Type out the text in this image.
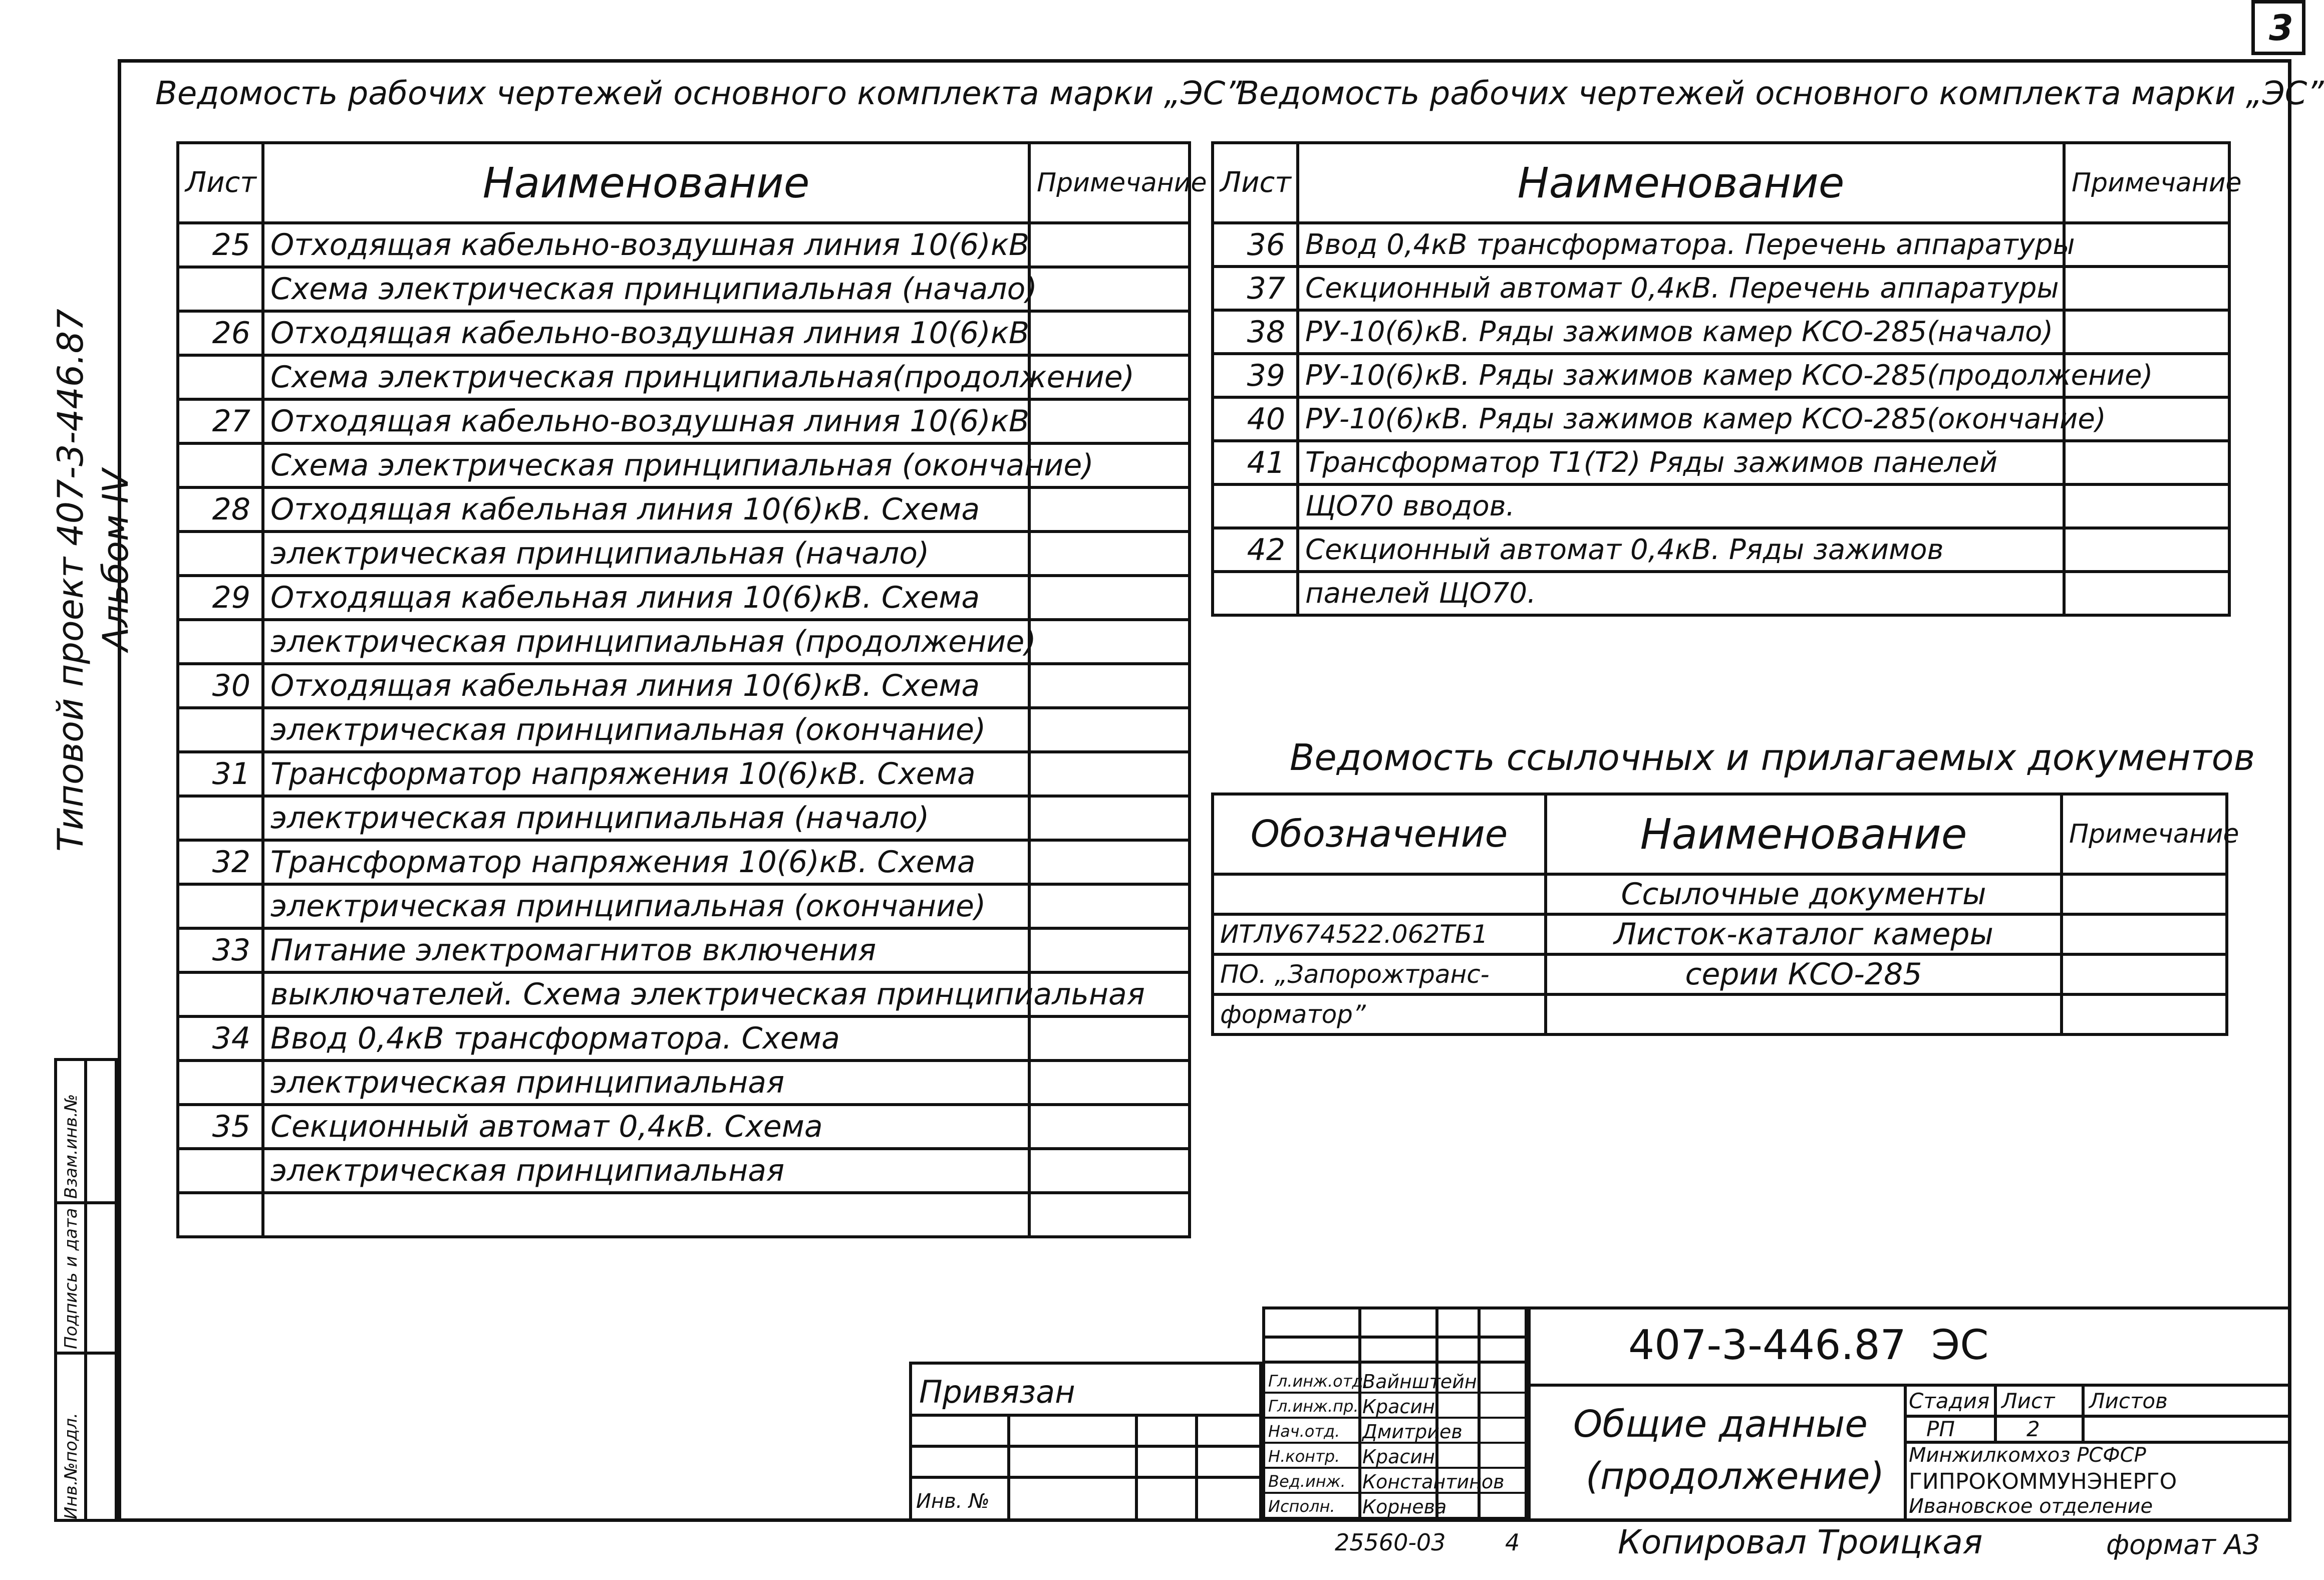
3
Типовой проект 407-3-446.87 Альбом IV
Инв.№подл.
Подпись и дата
Взам.инв.№
Ведомость рабочих чертежей основного комплекта марки „ЭС”
Лист	Наименование	Примечание
25	Отходящая кабельно-воздушная линия 10(6)кВ	
	Схема электрическая принципиальная (начало)	
26	Отходящая кабельно-воздушная линия 10(6)кВ	
	Схема электрическая принципиальная(продолжение)	
27	Отходящая кабельно-воздушная линия 10(6)кВ	
	Схема электрическая принципиальная (окончание)	
28	Отходящая кабельная линия 10(6)кВ. Схема	
	электрическая принципиальная (начало)	
29	Отходящая кабельная линия 10(6)кВ. Схема	
	электрическая принципиальная (продолжение)	
30	Отходящая кабельная линия 10(6)кВ. Схема	
	электрическая принципиальная (окончание)	
31	Трансформатор напряжения 10(6)кВ. Схема	
	электрическая принципиальная (начало)	
32	Трансформатор напряжения 10(6)кВ. Схема	
	электрическая принципиальная (окончание)	
33	Питание электромагнитов включения	
	выключателей. Схема электрическая принципиальная	
34	Ввод 0,4кВ трансформатора. Схема	
	электрическая принципиальная	
35	Секционный автомат 0,4кВ. Схема	
	электрическая принципиальная	

Ведомость рабочих чертежей основного комплекта марки „ЭС”
Лист	Наименование	Примечание
36	Ввод 0,4кВ трансформатора. Перечень аппаратуры	
37	Секционный автомат 0,4кВ. Перечень аппаратуры	
38	РУ-10(6)кВ. Ряды зажимов камер КСО-285(начало)	
39	РУ-10(6)кВ. Ряды зажимов камер КСО-285(продолжение)	
40	РУ-10(6)кВ. Ряды зажимов камер КСО-285(окончание)	
41	Трансформатор T1(T2) Ряды зажимов панелей	
	ЩО70 вводов.	
42	Секционный автомат 0,4кВ. Ряды зажимов	
	панелей ЩО70.	
Ведомость ссылочных и прилагаемых документов
Обозначение	Наименование	Примечание
	Ссылочные документы	
ИТЛУ674522.062ТБ1	Листок-каталог камеры	
ПО. „Запорожтранс-	серии КСО-285	
форматор”		
Привязан
Инв. №
Гл.инж.отд.
Вайнштейн
Гл.инж.пр. Красин
Нач.отд. Дмитриев
Н.контр. Красин
Вед.инж. Константинов
Исполн. Корнева
407-3-446.87 ЭС
Общие данные
(продолжение)
Стадия Лист Листов
РП	2
Минжилкомхоз РСФСР
ГИПРОКОММУНЭНЕРГО
Ивановское отделение
25560-03	4	Копировал Троицкая	формат А3
